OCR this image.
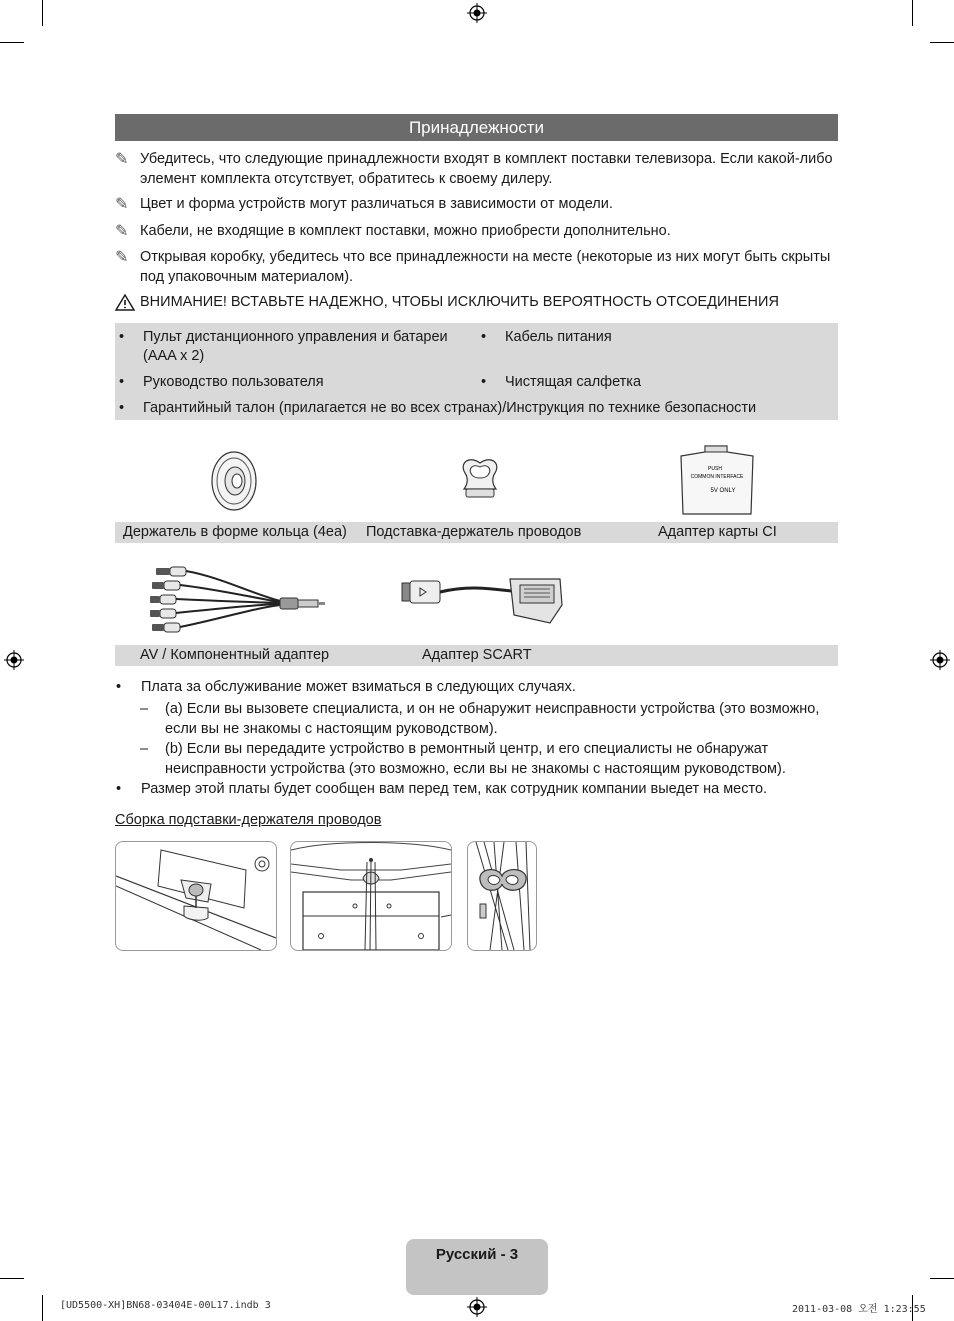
Принадлежности
✎ Убедитесь, что следующие принадлежности входят в комплект поставки телевизора. Если какой-либо элемент комплекта отсутствует, обратитесь к своему дилеру.
✎ Цвет и форма устройств могут различаться в зависимости от модели.
✎ Кабели, не входящие в комплект поставки, можно приобрести дополнительно.
✎ Открывая коробку, убедитесь что все принадлежности на месте (некоторые из них могут быть скрыты под упаковочным материалом).
ВНИМАНИЕ! ВСТАВЬТЕ НАДЕЖНО, ЧТОБЫ ИСКЛЮЧИТЬ ВЕРОЯТНОСТЬ ОТСОЕДИНЕНИЯ
•	Пульт дистанционного управления и батареи (AAA x 2)
•	Кабель питания
•	Руководство пользователя	•	Чистящая салфетка
•	Гарантийный талон (прилагается не во всех странах)/Инструкция по технике безопасности
PUSH
COMMON INTERFACE
5V ONLY
Держатель в форме кольца (4ea) Подставка-держатель проводов	Адаптер карты CI
AV / Компонентный адаптер	Адаптер SCART
•	Плата за обслуживание может взиматься в следующих случаях.
–	(a) Если вы вызовете специалиста, и он не обнаружит неисправности устройства (это возможно, если вы не знакомы с настоящим руководством).
–	(b) Если вы передадите устройство в ремонтный центр, и его специалисты не обнаружат неисправности устройства (это возможно, если вы не знакомы с настоящим руководством).
•	Размер этой платы будет сообщен вам перед тем, как сотрудник компании выедет на место.
Сборка подставки-держателя проводов
Русский - 3
[UD5500-XH]BN68-03404E-00L17.indb 3	2011-03-08 오전 1:23:55
